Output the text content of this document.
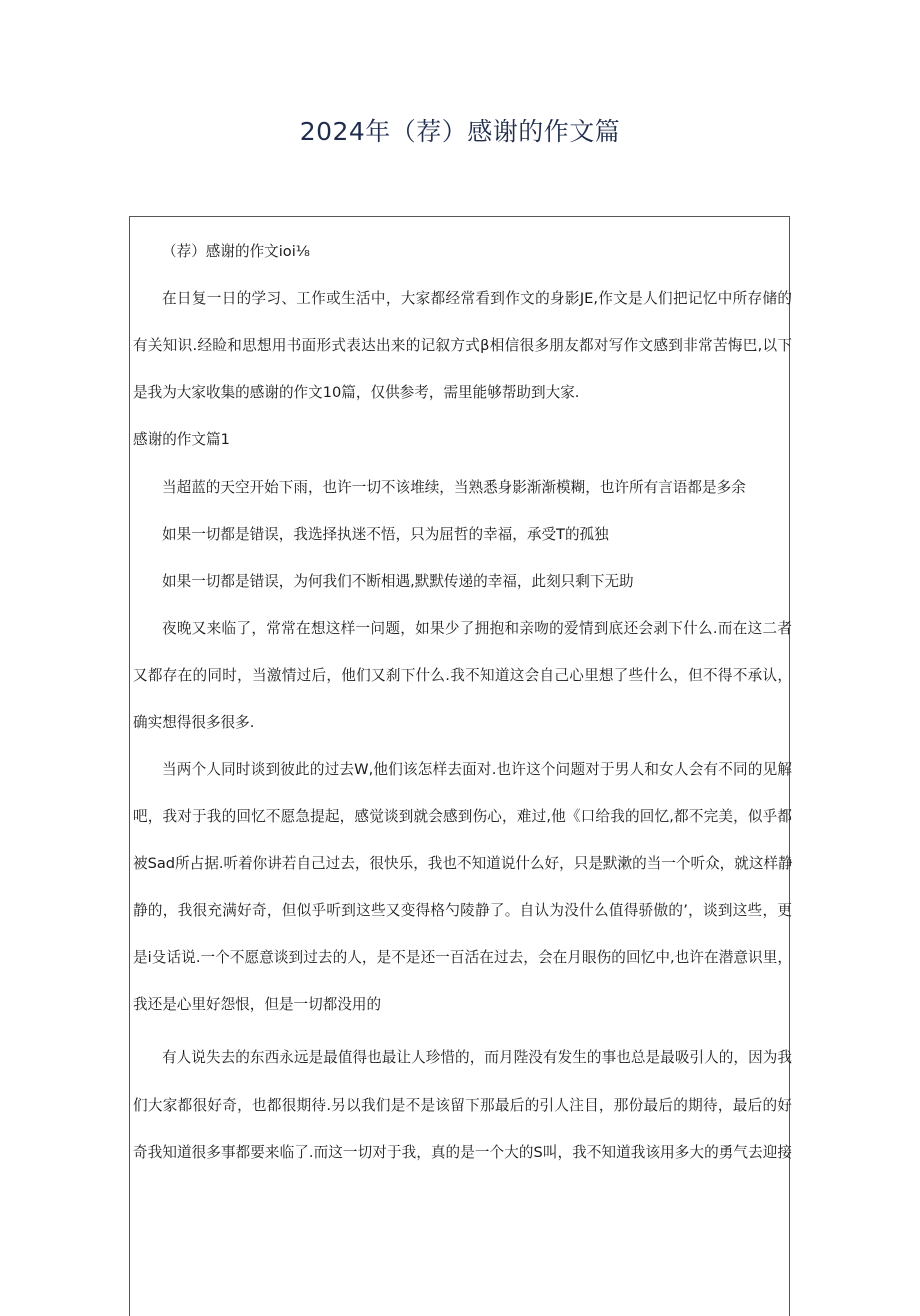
2024年（荐）感谢的作文篇
（荐）感谢的作文ioi⅛
在日复一日的学习、工作或生活中，大家都经常看到作文的身影JE,作文是人们把记忆中所存储的
有关知识.经睑和思想用书面形式表达出来的记叙方式β相信很多朋友都对写作文感到非常苦悔巴,以下
是我为大家收集的感谢的作文10篇，仅供参考，需里能够帮助到大家.
感谢的作文篇1
当超蓝的天空开始下雨，也许一切不该堆续，当熟悉身影渐渐模糊，也许所有言语都是多余
如果一切都是错误，我选择执迷不悟，只为屈哲的幸福，承受T的孤独
如果一切都是错误，为何我们不断相遇,默默传递的幸福，此刻只剩下无助
夜晚又来临了，常常在想这样一问题，如果少了拥抱和亲吻的爱情到底还会剥下什么.而在这二者
又都存在的同时，当激情过后，他们又刹下什么.我不知道这会自己心里想了些什么，但不得不承认，
确实想得很多很多.
当两个人同时谈到彼此的过去W,他们该怎样去面对.也许这个问题对于男人和女人会有不同的见解
吧，我对于我的回忆不愿急提起，感觉谈到就会感到伤心，难过,他《口给我的回忆,都不完美，似乎都
被Sad所占据.听着你讲若自己过去，很快乐，我也不知道说什么好，只是默漱的当一个听众，就这样静
静的，我很充满好奇，但似乎听到这些又变得格勺陵静了。自认为没什么值得骄傲的’，谈到这些，更
是i殳话说.一个不愿意谈到过去的人，是不是还一百活在过去，会在月眼伤的回忆中,也许在潜意识里，
我还是心里好怨恨，但是一切都没用的
有人说失去的东西永远是最值得也最让人珍惜的，而月陛没有发生的事也总是最吸引人的，因为我
们大家都很好奇，也都很期待.另以我们是不是该留下那最后的引人注目，那份最后的期待，最后的好
奇我知道很多事都要来临了.而这一切对于我，真的是一个大的S叫，我不知道我该用多大的勇气去迎接
